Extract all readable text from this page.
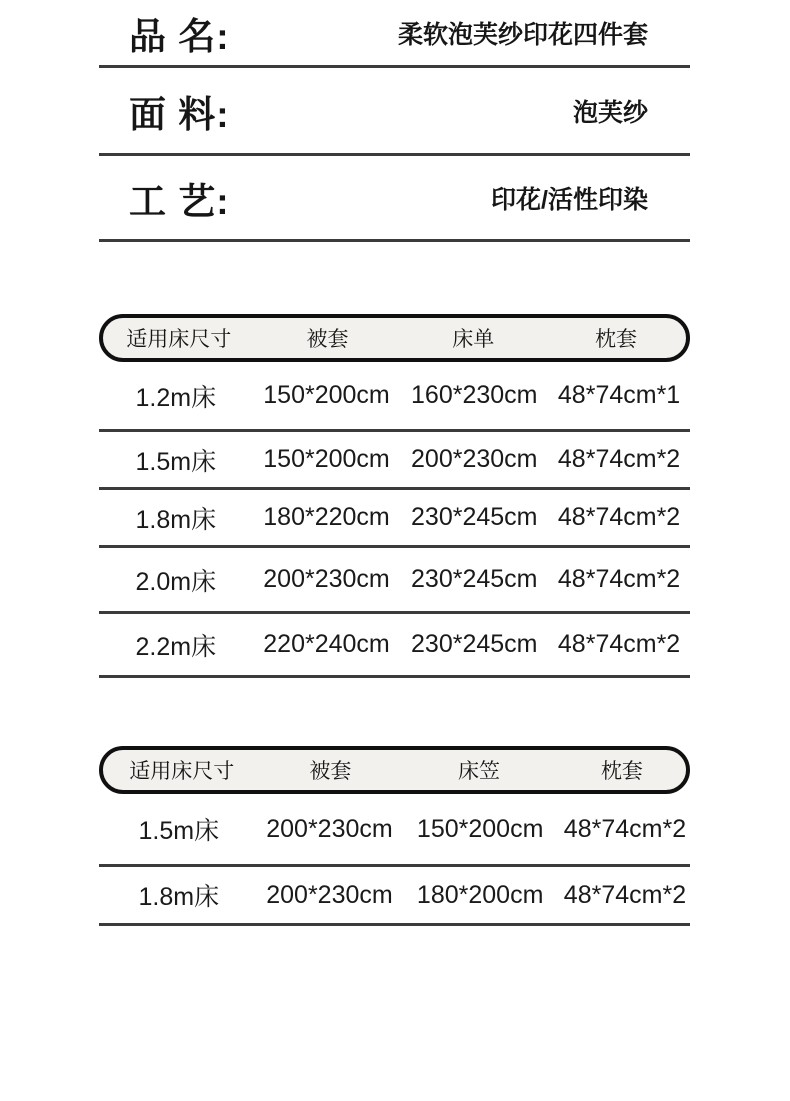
品 名:	柔软泡芙纱印花四件套
面 料:	泡芙纱
工 艺:	印花/活性印染
适用床尺寸	被套	床单	枕套
1.2m床	150*200cm 160*230cm 48*74cm*1
1.5m床	150*200cm 200*230cm 48*74cm*2
1.8m床	180*220cm 230*245cm 48*74cm*2
2.0m床	200*230cm 230*245cm 48*74cm*2
2.2m床	220*240cm 230*245cm 48*74cm*2
适用床尺寸	被套	床笠	枕套
1.5m床	200*230cm 150*200cm 48*74cm*2
1.8m床	200*230cm 180*200cm 48*74cm*2
